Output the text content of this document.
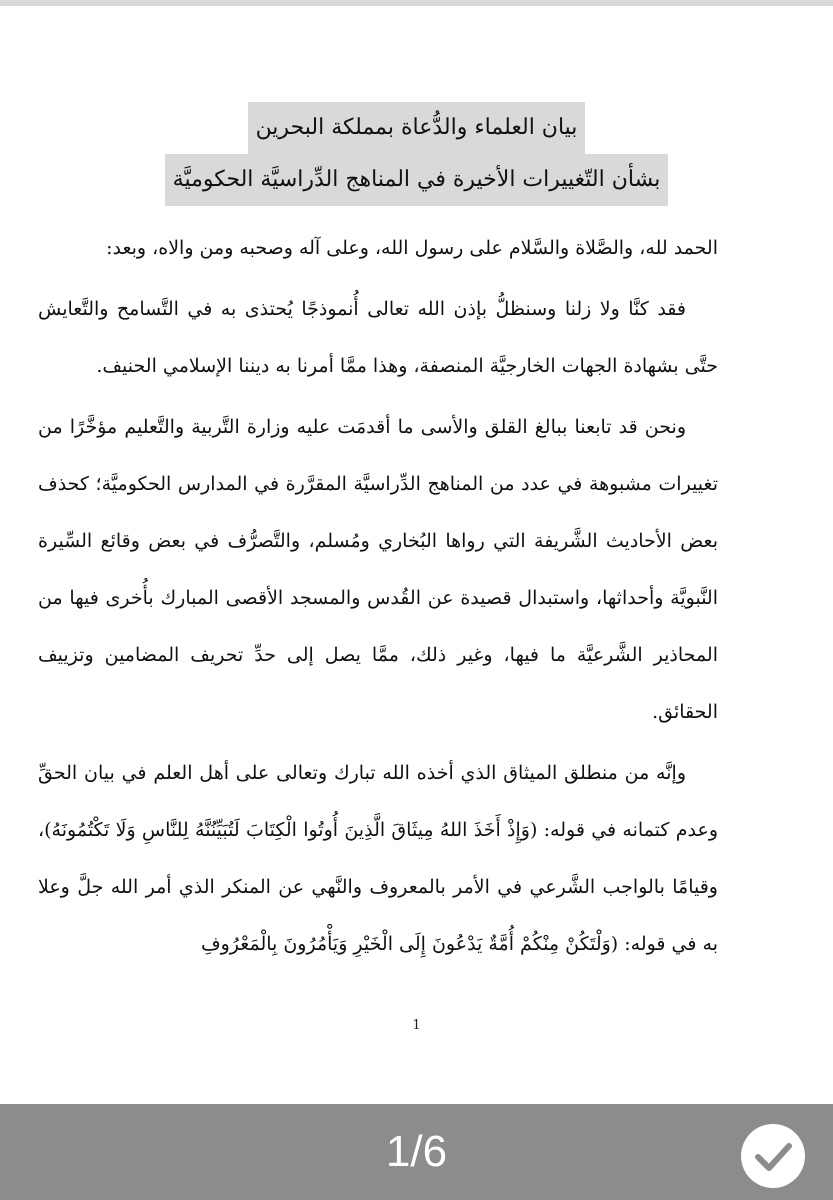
بيان العلماء والدُّعاة بمملكة البحرين
بشأن التّغييرات الأخيرة في المناهج الدِّراسيَّة الحكوميَّة

الحمد لله، والصَّلاة والسَّلام على رسول الله، وعلى آله وصحبه ومن والاه، وبعد:

فقد كنَّا ولا زلنا وسنظلُّ بإذن الله تعالى أُنموذجًا يُحتذى به في التَّسامح والتَّعايش حتَّى بشهادة الجهات الخارجيَّة المنصفة، وهذا ممَّا أمرنا به ديننا الإسلامي الحنيف.

ونحن قد تابعنا ببالغ القلق والأسى ما أقدمَت عليه وزارة التَّربية والتَّعليم مؤخَّرًا من تغييرات مشبوهة في عدد من المناهج الدِّراسيَّة المقرَّرة في المدارس الحكوميَّة؛ كحذف بعض الأحاديث الشَّريفة التي رواها البُخاري ومُسلم، والتَّصرُّف في بعض وقائع السِّيرة النَّبويَّة وأحداثها، واستبدال قصيدة عن القُدس والمسجد الأقصى المبارك بأُخرى فيها من المحاذير الشَّرعيَّة ما فيها، وغير ذلك، ممَّا يصل إلى حدِّ تحريف المضامين وتزييف الحقائق.

وإنَّه من منطلق الميثاق الذي أخذه الله تبارك وتعالى على أهل العلم في بيان الحقِّ وعدم كتمانه في قوله: (وَإِذْ أَخَذَ اللهُ مِيثَاقَ الَّذِينَ أُوتُوا الْكِتَابَ لَتُبَيِّنُنَّهُ لِلنَّاسِ وَلَا تَكْتُمُونَهُ)، وقيامًا بالواجب الشَّرعي في الأمر بالمعروف والنَّهي عن المنكر الذي أمر الله جلَّ وعلا به في قوله: (وَلْتَكُنْ مِنْكُمْ أُمَّةٌ يَدْعُونَ إِلَى الْخَيْرِ وَيَأْمُرُونَ بِالْمَعْرُوفِ

1
1/6
